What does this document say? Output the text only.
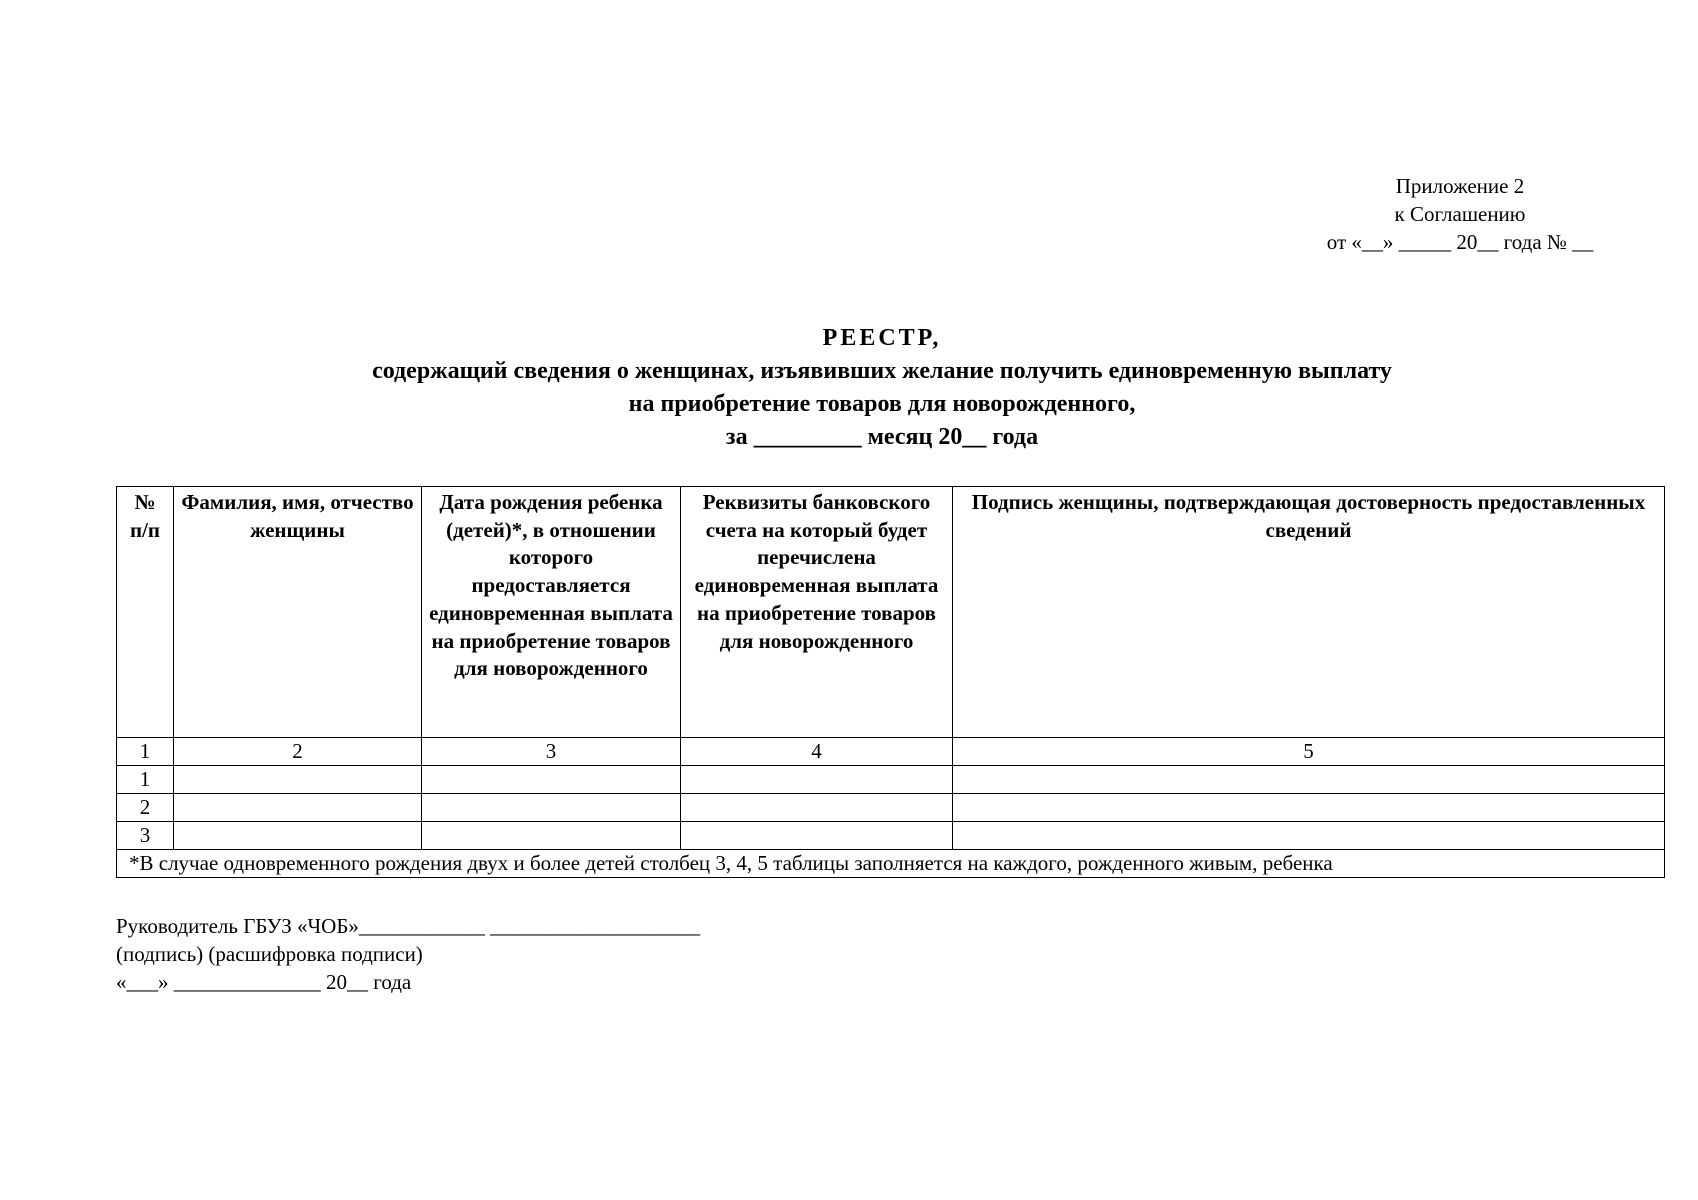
Приложение 2
к Соглашению
от «__» _____ 20__ года № __
РЕЕСТР,
содержащий сведения о женщинах, изъявивших желание получить единовременную выплату
на приобретение товаров для новорожденного,
за _________ месяц 20__ года
№ п/п	Фамилия, имя, отчество женщины	Дата рождения ребенка (детей)*, в отношении которого предоставляется единовременная выплата на приобретение товаров для новорожденного	Реквизиты банковского счета на который будет перечислена единовременная выплата на приобретение товаров для новорожденного	Подпись женщины, подтверждающая достоверность предоставленных сведений
1	2	3	4	5
1				
2				
3				
*В случае одновременного рождения двух и более детей столбец 3, 4, 5 таблицы заполняется на каждого, рожденного живым, ребенка				
Руководитель ГБУЗ «ЧОБ»____________ ____________________
(подпись) (расшифровка подписи)
«___» ______________ 20__ года
